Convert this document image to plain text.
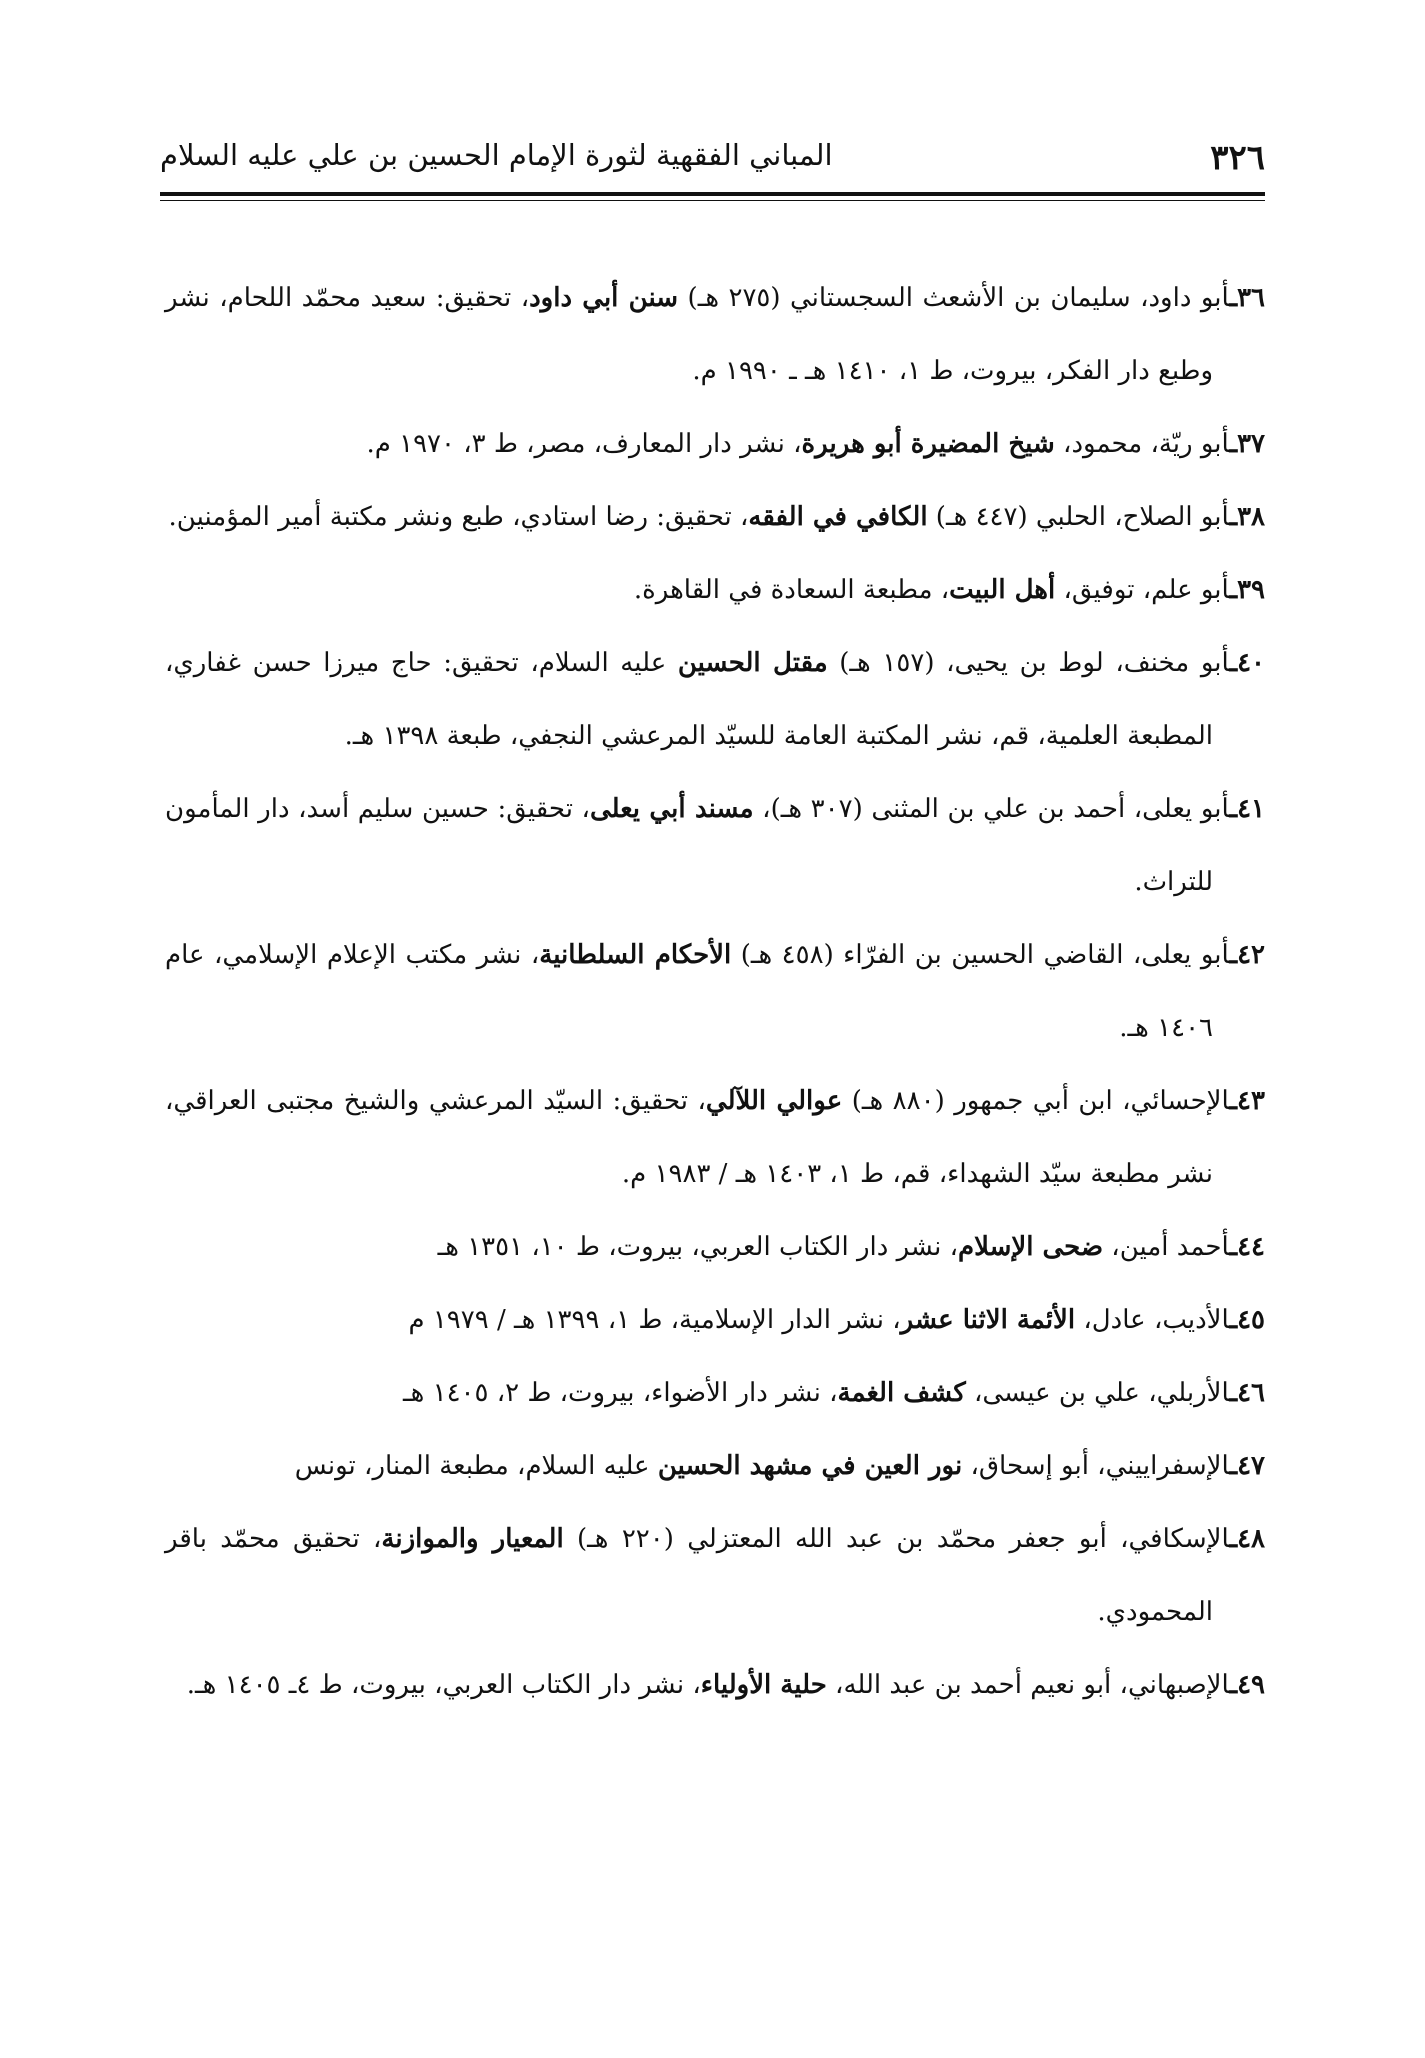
٣٢٦
المباني الفقهية لثورة الإمام الحسين بن علي عليه السلام
٣٦ـأبو داود، سليمان بن الأشعث السجستاني (٢٧٥ هـ) سنن أبي داود، تحقيق: سعيد محمّد اللحام، نشر وطبع دار الفكر، بيروت، ط ١، ١٤١٠ هـ ـ ١٩٩٠ م.
٣٧ـأبو ريّة، محمود، شيخ المضيرة أبو هريرة، نشر دار المعارف، مصر، ط ٣، ١٩٧٠ م.
٣٨ـأبو الصلاح، الحلبي (٤٤٧ هـ) الكافي في الفقه، تحقيق: رضا استادي، طبع ونشر مكتبة أمير المؤمنين.
٣٩ـأبو علم، توفيق، أهل البيت، مطبعة السعادة في القاهرة.
٤٠ـأبو مخنف، لوط بن يحيى، (١٥٧ هـ) مقتل الحسين عليه السلام، تحقيق: حاج ميرزا حسن غفاري، المطبعة العلمية، قم، نشر المكتبة العامة للسيّد المرعشي النجفي، طبعة ١٣٩٨ هـ.
٤١ـأبو يعلى، أحمد بن علي بن المثنى (٣٠٧ هـ)، مسند أبي يعلى، تحقيق: حسين سليم أسد، دار المأمون للتراث.
٤٢ـأبو يعلى، القاضي الحسين بن الفرّاء (٤٥٨ هـ) الأحكام السلطانية، نشر مكتب الإعلام الإسلامي، عام ١٤٠٦ هـ.
٤٣ـالإحسائي، ابن أبي جمهور (٨٨٠ هـ) عوالي اللآلي، تحقيق: السيّد المرعشي والشيخ مجتبى العراقي، نشر مطبعة سيّد الشهداء، قم، ط ١، ١٤٠٣ هـ / ١٩٨٣ م.
٤٤ـأحمد أمين، ضحى الإسلام، نشر دار الكتاب العربي، بيروت، ط ١٠، ١٣٥١ هـ
٤٥ـالأديب، عادل، الأئمة الاثنا عشر، نشر الدار الإسلامية، ط ١، ١٣٩٩ هـ / ١٩٧٩ م
٤٦ـالأربلي، علي بن عيسى، كشف الغمة، نشر دار الأضواء، بيروت، ط ٢، ١٤٠٥ هـ
٤٧ـالإسفراييني، أبو إسحاق، نور العين في مشهد الحسين عليه السلام، مطبعة المنار، تونس
٤٨ـالإسكافي، أبو جعفر محمّد بن عبد الله المعتزلي (٢٢٠ هـ) المعيار والموازنة، تحقيق محمّد باقر المحمودي.
٤٩ـالإصبهاني، أبو نعيم أحمد بن عبد الله، حلية الأولياء، نشر دار الكتاب العربي، بيروت، ط ٤ـ ١٤٠٥ هـ.
